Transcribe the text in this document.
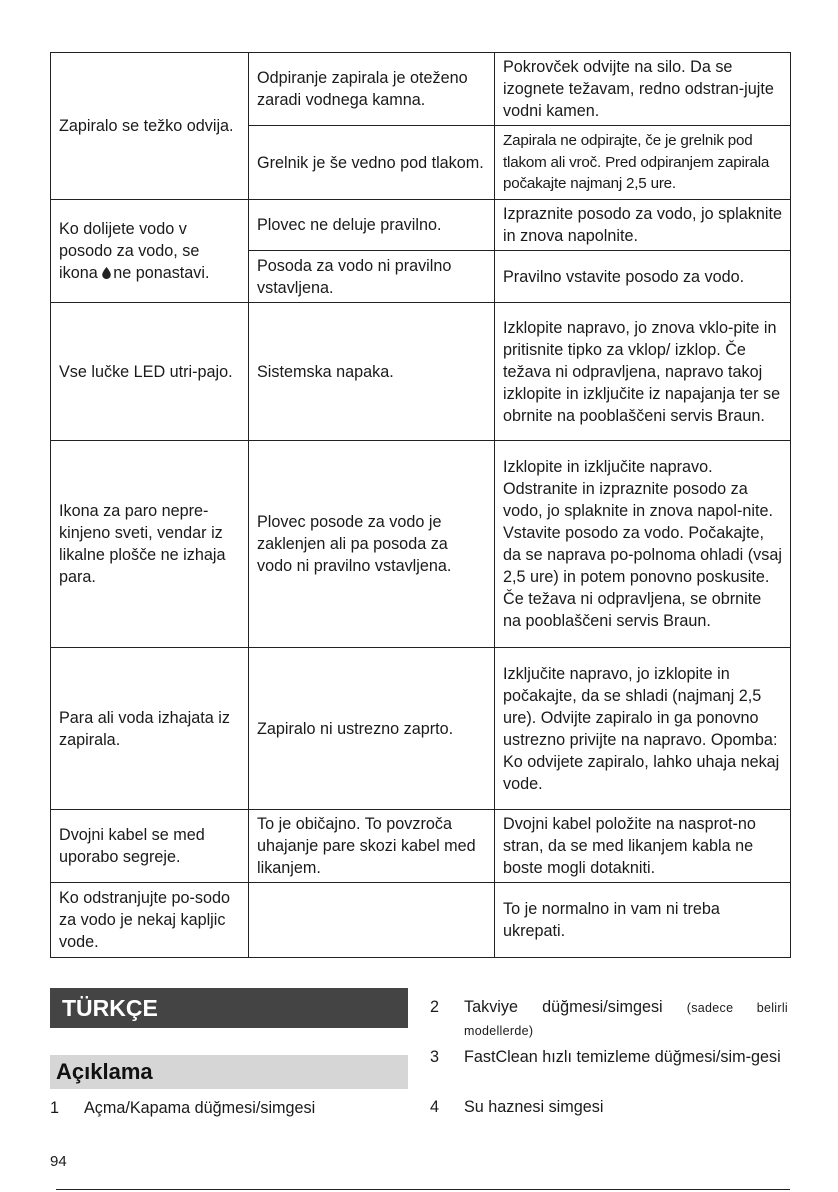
Zapiralo se težko odvija.	Odpiranje zapirala je oteženo zaradi vodnega kamna.	Pokrovček odvijte na silo. Da se izognete težavam, redno odstran-jujte vodni kamen.
	Grelnik je še vedno pod tlakom.	Zapirala ne odpirajte, če je grelnik pod tlakom ali vroč. Pred odpiranjem zapirala počakajte najmanj 2,5 ure.
Ko dolijete vodo v posodo za vodo, se ikona ne ponastavi.	Plovec ne deluje pravilno.	Izpraznite posodo za vodo, jo splaknite in znova napolnite.
	Posoda za vodo ni pravilno vstavljena.	Pravilno vstavite posodo za vodo.
Vse lučke LED utri-pajo.	Sistemska napaka.	Izklopite napravo, jo znova vklo-pite in pritisnite tipko za vklop/ izklop. Če težava ni odpravljena, napravo takoj izklopite in izključite iz napajanja ter se obrnite na pooblaščeni servis Braun.
Ikona za paro nepre-kinjeno sveti, vendar iz likalne plošče ne izhaja para.	Plovec posode za vodo je zaklenjen ali pa posoda za vodo ni pravilno vstavljena.	Izklopite in izključite napravo. Odstranite in izpraznite posodo za vodo, jo splaknite in znova napol-nite. Vstavite posodo za vodo. Počakajte, da se naprava po-polnoma ohladi (vsaj 2,5 ure) in potem ponovno poskusite. Če težava ni odpravljena, se obrnite na pooblaščeni servis Braun.
Para ali voda izhajata iz zapirala.	Zapiralo ni ustrezno zaprto.	Izključite napravo, jo izklopite in počakajte, da se shladi (najmanj 2,5 ure). Odvijte zapiralo in ga ponovno ustrezno privijte na napravo. Opomba: Ko odvijete zapiralo, lahko uhaja nekaj vode.
Dvojni kabel se med uporabo segreje.	To je običajno. To povzroča uhajanje pare skozi kabel med likanjem.	Dvojni kabel položite na nasprot-no stran, da se med likanjem kabla ne boste mogli dotakniti.
Ko odstranjujte po-sodo za vodo je nekaj kapljic vode.		To je normalno in vam ni treba ukrepati.
TÜRKÇE
Açıklama
1 Açma/Kapama düğmesi/simgesi
2 Takviye düğmesi/simgesi (sadece belirli modellerde)
3 FastClean hızlı temizleme düğmesi/sim-gesi
4 Su haznesi simgesi
94
